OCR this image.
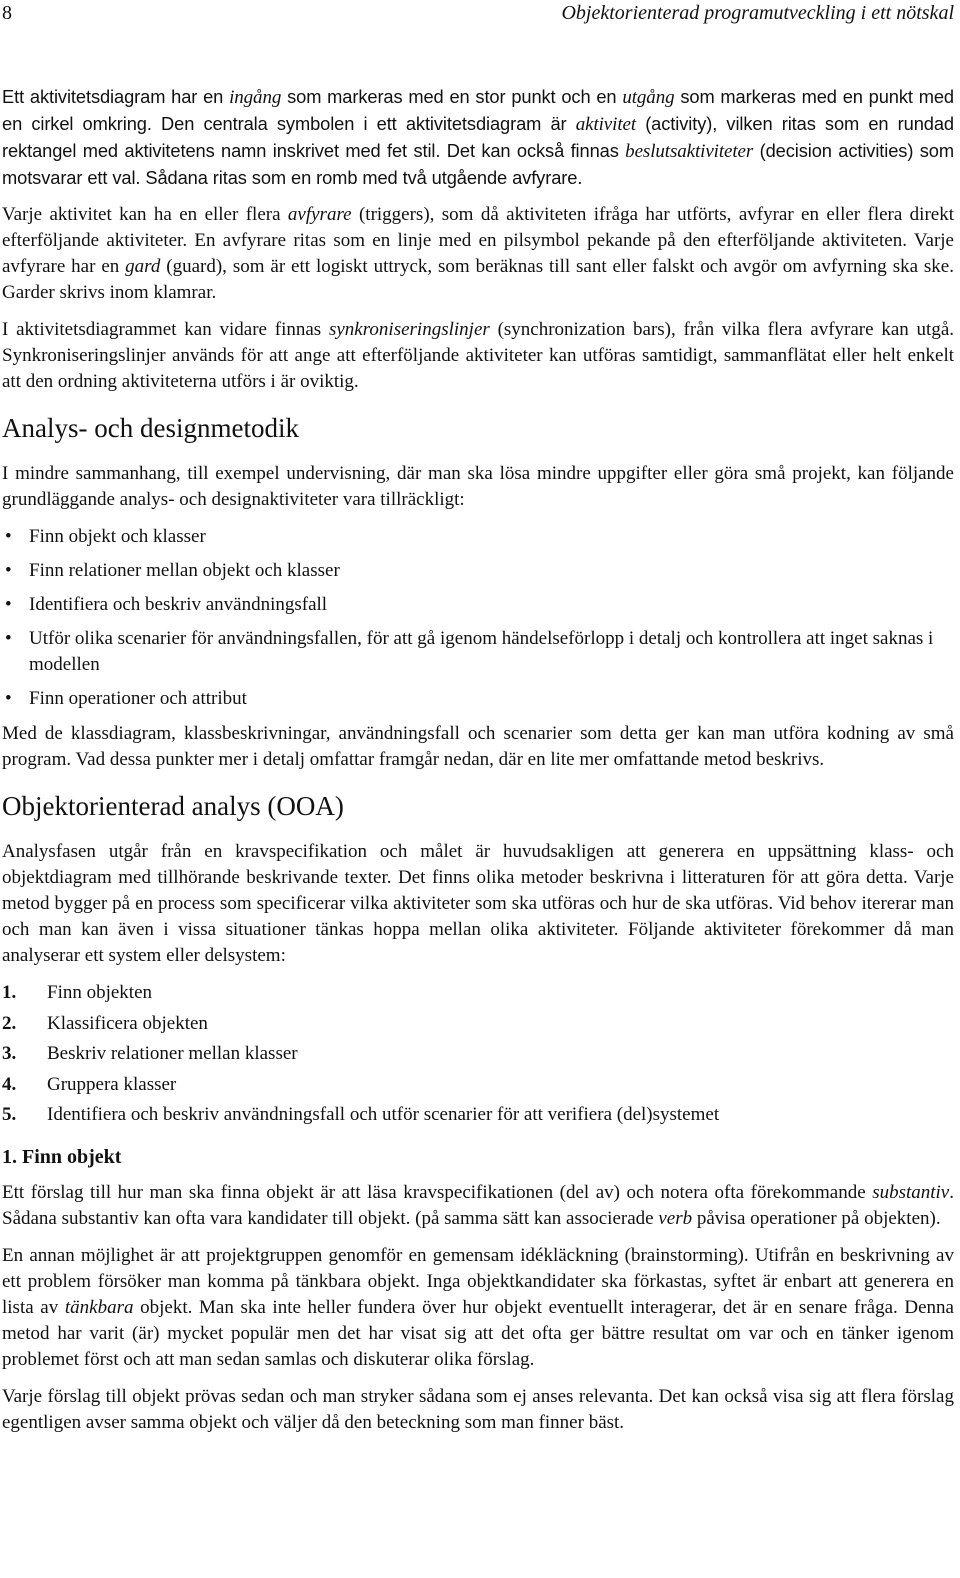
8	Objektorienterad programutveckling i ett nötskal

Ett aktivitetsdiagram har en ingång som markeras med en stor punkt och en utgång som markeras med en punkt med en cirkel omkring. Den centrala symbolen i ett aktivitetsdiagram är aktivitet (activity), vilken ritas som en rundad rektangel med aktivitetens namn inskrivet med fet stil. Det kan också finnas beslutsaktiviteter (decision activities) som motsvarar ett val. Sådana ritas som en romb med två utgående avfyrare.

Varje aktivitet kan ha en eller flera avfyrare (triggers), som då aktiviteten ifråga har utförts, avfyrar en eller flera direkt efterföljande aktiviteter. En avfyrare ritas som en linje med en pilsymbol pekande på den efterföljande aktiviteten. Varje avfyrare har en gard (guard), som är ett logiskt uttryck, som beräknas till sant eller falskt och avgör om avfyrning ska ske. Garder skrivs inom klamrar.

I aktivitetsdiagrammet kan vidare finnas synkroniseringslinjer (synchronization bars), från vilka flera avfyrare kan utgå. Synkroniseringslinjer används för att ange att efterföljande aktiviteter kan utföras samtidigt, sammanflätat eller helt enkelt att den ordning aktiviteterna utförs i är oviktig.

Analys- och designmetodik

I mindre sammanhang, till exempel undervisning, där man ska lösa mindre uppgifter eller göra små projekt, kan följande grundläggande analys- och designaktiviteter vara tillräckligt:

• Finn objekt och klasser
• Finn relationer mellan objekt och klasser
• Identifiera och beskriv användningsfall
• Utför olika scenarier för användningsfallen, för att gå igenom händelseförlopp i detalj och kontrollera att inget saknas i modellen
• Finn operationer och attribut

Med de klassdiagram, klassbeskrivningar, användningsfall och scenarier som detta ger kan man utföra kodning av små program. Vad dessa punkter mer i detalj omfattar framgår nedan, där en lite mer omfattande metod beskrivs.

Objektorienterad analys (OOA)

Analysfasen utgår från en kravspecifikation och målet är huvudsakligen att generera en uppsättning klass- och objektdiagram med tillhörande beskrivande texter. Det finns olika metoder beskrivna i litteraturen för att göra detta. Varje metod bygger på en process som specificerar vilka aktiviteter som ska utföras och hur de ska utföras. Vid behov itererar man och man kan även i vissa situationer tänkas hoppa mellan olika aktiviteter. Följande aktiviteter förekommer då man analyserar ett system eller delsystem:

1. Finn objekten
2. Klassificera objekten
3. Beskriv relationer mellan klasser
4. Gruppera klasser
5. Identifiera och beskriv användningsfall och utför scenarier för att verifiera (del)systemet
1. Finn objekt

Ett förslag till hur man ska finna objekt är att läsa kravspecifikationen (del av) och notera ofta förekommande substantiv. Sådana substantiv kan ofta vara kandidater till objekt. (på samma sätt kan associerade verb påvisa operationer på objekten).

En annan möjlighet är att projektgruppen genomför en gemensam idékläckning (brainstorming). Utifrån en beskrivning av ett problem försöker man komma på tänkbara objekt. Inga objektkandidater ska förkastas, syftet är enbart att generera en lista av tänkbara objekt. Man ska inte heller fundera över hur objekt eventuellt interagerar, det är en senare fråga. Denna metod har varit (är) mycket populär men det har visat sig att det ofta ger bättre resultat om var och en tänker igenom problemet först och att man sedan samlas och diskuterar olika förslag.

Varje förslag till objekt prövas sedan och man stryker sådana som ej anses relevanta. Det kan också visa sig att flera förslag egentligen avser samma objekt och väljer då den beteckning som man finner bäst.
